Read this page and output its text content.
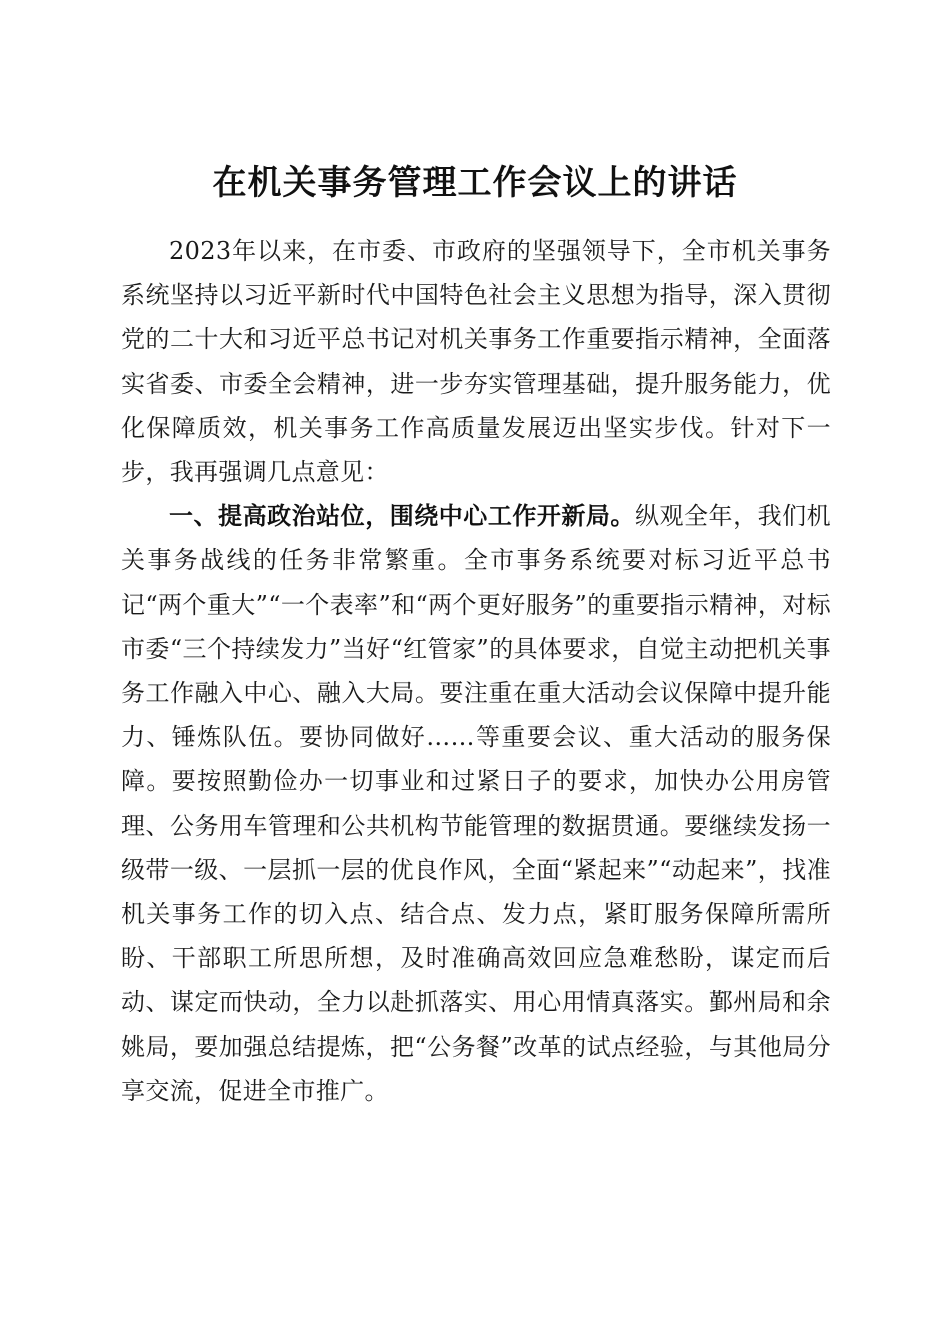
在机关事务管理工作会议上的讲话

2023年以来，在市委、市政府的坚强领导下，全市机关事务系统坚持以习近平新时代中国特色社会主义思想为指导，深入贯彻党的二十大和习近平总书记对机关事务工作重要指示精神，全面落实省委、市委全会精神，进一步夯实管理基础，提升服务能力，优化保障质效，机关事务工作高质量发展迈出坚实步伐。针对下一步，我再强调几点意见：

一、提高政治站位，围绕中心工作开新局。纵观全年，我们机关事务战线的任务非常繁重。全市事务系统要对标习近平总书记“两个重大”“一个表率”和“两个更好服务”的重要指示精神，对标市委“三个持续发力”当好“红管家”的具体要求，自觉主动把机关事务工作融入中心、融入大局。要注重在重大活动会议保障中提升能力、锤炼队伍。要协同做好……等重要会议、重大活动的服务保障。要按照勤俭办一切事业和过紧日子的要求，加快办公用房管理、公务用车管理和公共机构节能管理的数据贯通。要继续发扬一级带一级、一层抓一层的优良作风，全面“紧起来”“动起来”，找准机关事务工作的切入点、结合点、发力点，紧盯服务保障所需所盼、干部职工所思所想，及时准确高效回应急难愁盼，谋定而后动、谋定而快动，全力以赴抓落实、用心用情真落实。鄞州局和余姚局，要加强总结提炼，把“公务餐”改革的试点经验，与其他局分享交流，促进全市推广。
